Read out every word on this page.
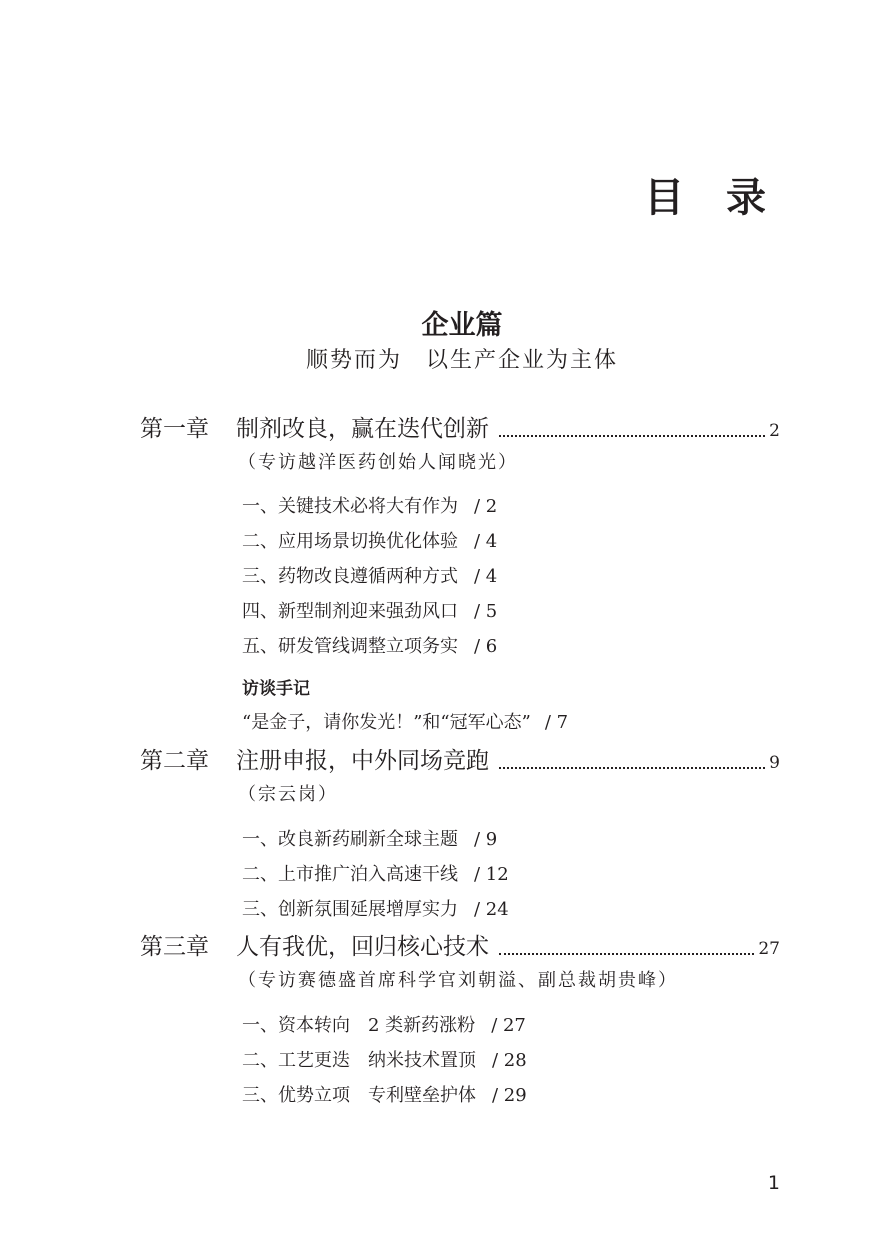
目 录
企业篇
顺势而为　以生产企业为主体
第一章	制剂改良，赢在迭代创新	2
（专访越洋医药创始人闻晓光）
一、关键技术必将大有作为 / 2
二、应用场景切换优化体验 / 4
三、药物改良遵循两种方式 / 4
四、新型制剂迎来强劲风口 / 5
五、研发管线调整立项务实 / 6
访谈手记
“是金子，请你发光！”和“冠军心态” / 7
第二章	注册申报，中外同场竞跑	9
（宗云岗）
一、改良新药刷新全球主题 / 9
二、上市推广泊入高速干线 / 12
三、创新氛围延展增厚实力 / 24
第三章	人有我优，回归核心技术	27
（专访赛德盛首席科学官刘朝溢、副总裁胡贵峰）
一、资本转向　2 类新药涨粉 / 27
二、工艺更迭　纳米技术置顶 / 28
三、优势立项　专利壁垒护体 / 29
1
